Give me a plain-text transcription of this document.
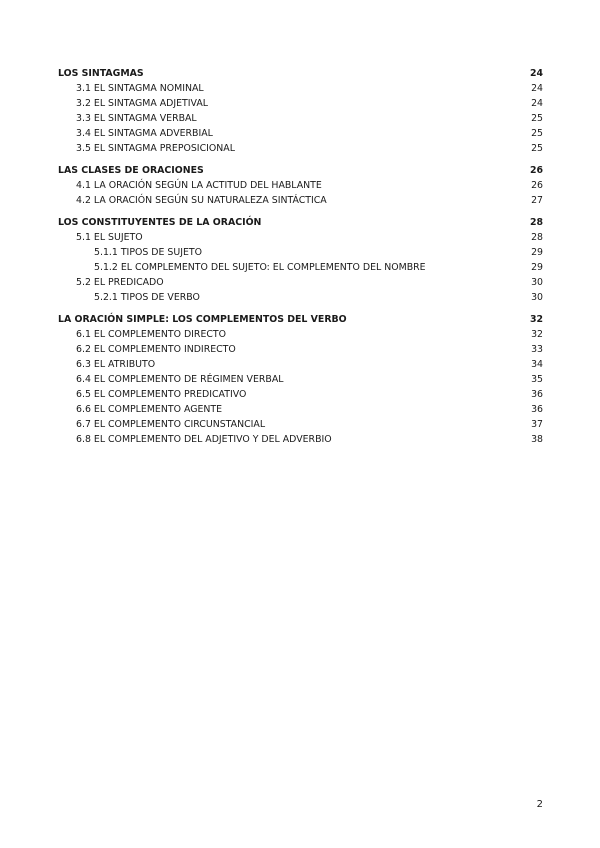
LOS SINTAGMAS	24
3.1 EL SINTAGMA NOMINAL	24
3.2 EL SINTAGMA ADJETIVAL	24
3.3 EL SINTAGMA VERBAL	25
3.4 EL SINTAGMA ADVERBIAL	25
3.5 EL SINTAGMA PREPOSICIONAL	25
LAS CLASES DE ORACIONES	26
4.1 LA ORACIÓN SEGÚN LA ACTITUD DEL HABLANTE	26
4.2 LA ORACIÓN SEGÚN SU NATURALEZA SINTÁCTICA	27
LOS CONSTITUYENTES DE LA ORACIÓN	28
5.1 EL SUJETO	28
5.1.1 TIPOS DE SUJETO	29
5.1.2 EL COMPLEMENTO DEL SUJETO: EL COMPLEMENTO DEL NOMBRE	29
5.2 EL PREDICADO	30
5.2.1 TIPOS DE VERBO	30
LA ORACIÓN SIMPLE: LOS COMPLEMENTOS DEL VERBO	32
6.1 EL COMPLEMENTO DIRECTO	32
6.2 EL COMPLEMENTO INDIRECTO	33
6.3 EL ATRIBUTO	34
6.4 EL COMPLEMENTO DE RÉGIMEN VERBAL	35
6.5 EL COMPLEMENTO PREDICATIVO	36
6.6 EL COMPLEMENTO AGENTE	36
6.7 EL COMPLEMENTO CIRCUNSTANCIAL	37
6.8 EL COMPLEMENTO DEL ADJETIVO Y DEL ADVERBIO	38
2
